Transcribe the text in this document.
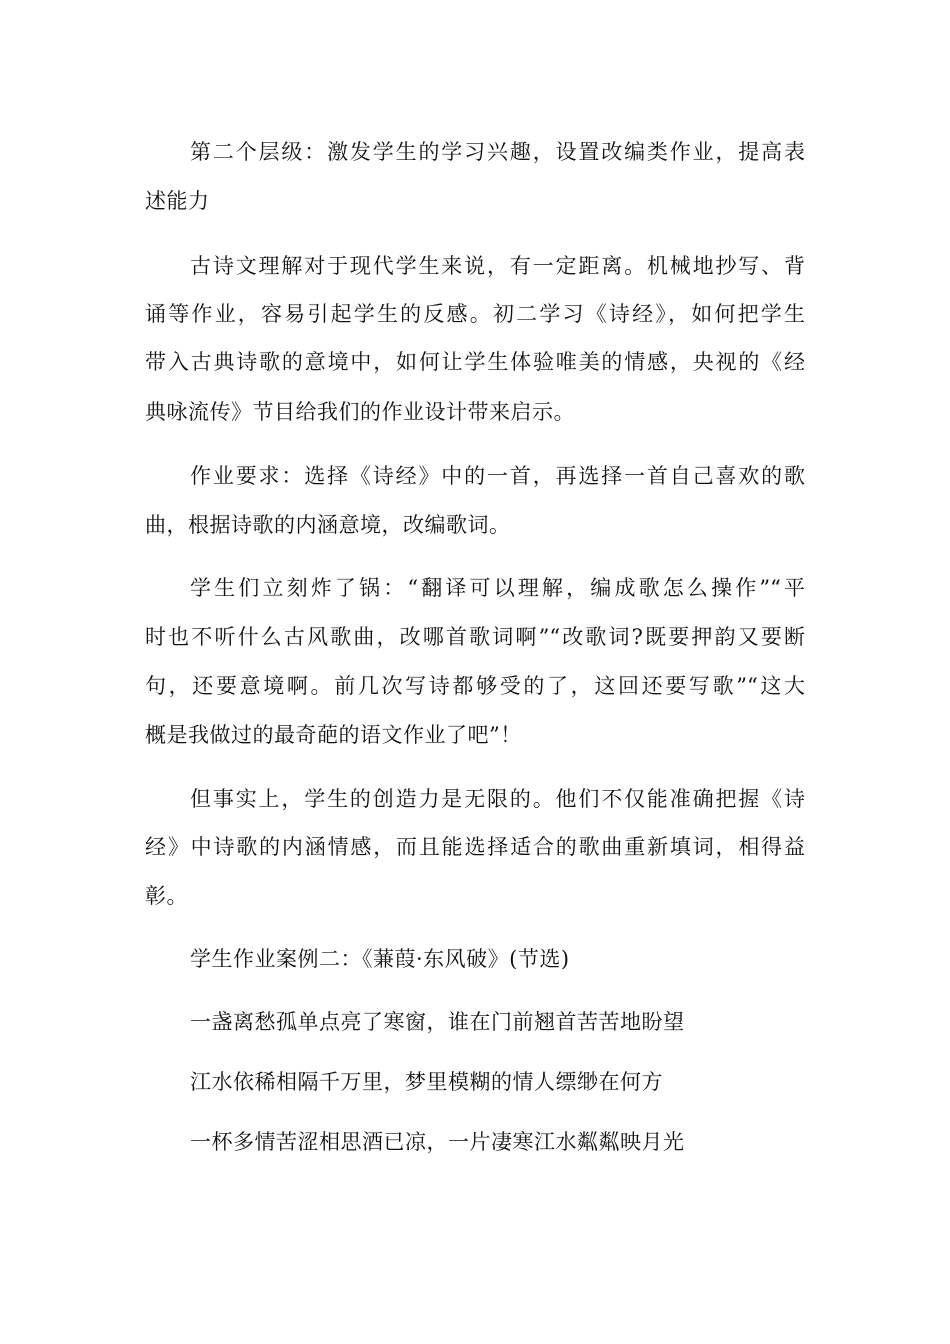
第二个层级：激发学生的学习兴趣，设置改编类作业，提高表
述能力
古诗文理解对于现代学生来说，有一定距离。机械地抄写、背
诵等作业，容易引起学生的反感。初二学习《诗经》，如何把学生
带入古典诗歌的意境中，如何让学生体验唯美的情感，央视的《经
典咏流传》节目给我们的作业设计带来启示。
作业要求：选择《诗经》中的一首，再选择一首自己喜欢的歌
曲，根据诗歌的内涵意境，改编歌词。
学生们立刻炸了锅：“翻译可以理解，编成歌怎么操作”“平
时也不听什么古风歌曲，改哪首歌词啊”“改歌词?既要押韵又要断
句，还要意境啊。前几次写诗都够受的了，这回还要写歌”“这大
概是我做过的最奇葩的语文作业了吧”！
但事实上，学生的创造力是无限的。他们不仅能准确把握《诗
经》中诗歌的内涵情感，而且能选择适合的歌曲重新填词，相得益
彰。
学生作业案例二：《蒹葭·东风破》(节选)
一盏离愁孤单点亮了寒窗，谁在门前翘首苦苦地盼望
江水依稀相隔千万里，梦里模糊的情人缥缈在何方
一杯多情苦涩相思酒已凉，一片凄寒江水粼粼映月光
